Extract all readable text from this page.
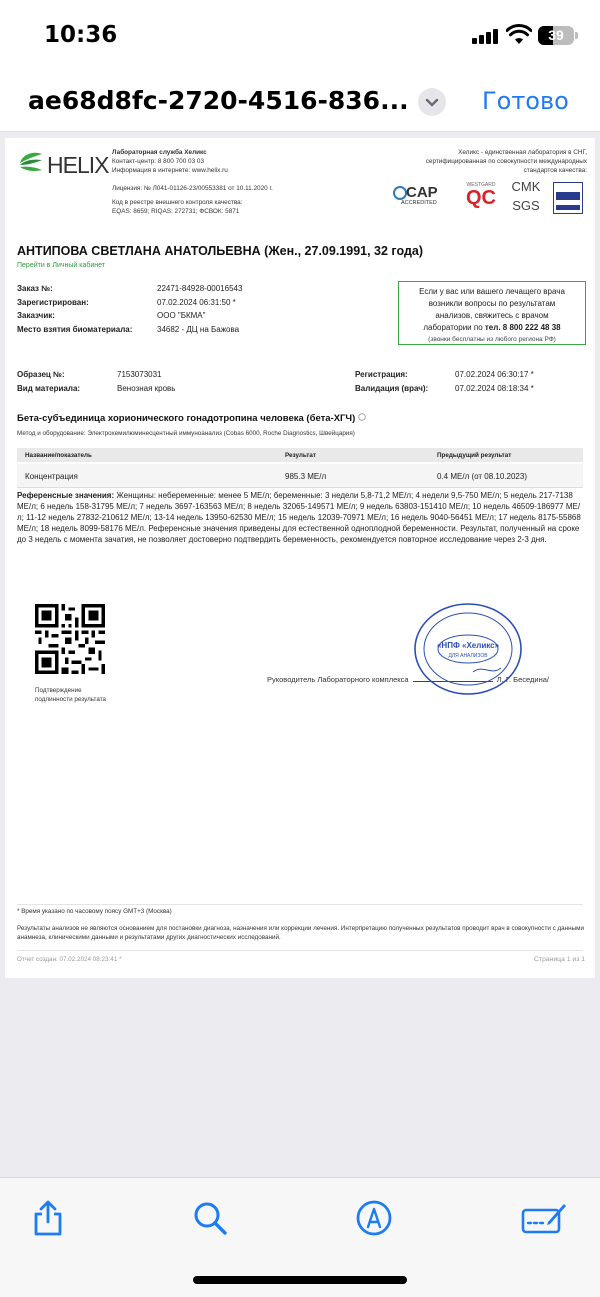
10:36	39
ae68d8fc-2720-4516-836...	Готово
HELIX Лабораторная служба Хеликс
Контакт-центр: 8 800 700 03 03
Информация в интернете: www.helix.ru
Лицензия: № Л041-01126-23/00553381 от 10.11.2020 г.
Код в реестре внешнего контроля качества:
EQAS: 8659; RIQAS: 272731; ФСВОК: 5871
Хеликс - единственная лаборатория в СНГ,
сертифицированная по совокупности международных
стандартов качества:
CAP
ACCREDITED
WESTGARD
QC
CMK

SGS
АНТИПОВА СВЕТЛАНА АНАТОЛЬЕВНА (Жен., 27.09.1991, 32 года)
Перейти в Личный кабинет
Заказ №:	22471-84928-00016543
Зарегистрирован:	07.02.2024 06:31:50 *
Заказчик:	ООО "БКМА"
Место взятия биоматериала:	34682 - ДЦ на Бажова
Если у вас или вашего лечащего врача
возникли вопросы по результатам
анализов, свяжитесь с врачом
лаборатории по тел. 8 800 222 48 38
(звонки бесплатны из любого региона РФ)
Образец №:	7153073031
Вид материала:	Венозная кровь
Регистрация:	07.02.2024 06:30:17 *
Валидация (врач):	07.02.2024 08:18:34 *
Бета-субъединица хорионического гонадотропина человека (бета-ХГЧ)
Метод и оборудование: Электрохемилюминесцентный иммуноанализ (Cobas 6000, Roche Diagnostics, Швейцария)
Название/показатель	Результат	Предыдущий результат
Концентрация	985.3 МЕ/л	0.4 МЕ/л (от 08.10.2023)
Референсные значения: Женщины: небеременные: менее 5 МЕ/л; беременные: 3 недели 5,8-71,2 МЕ/л; 4 недели 9,5-750 МЕ/л; 5 недель 217-7138 МЕ/л; 6 недель 158-31795 МЕ/л; 7 недель 3697-163563 МЕ/л; 8 недель 32065-149571 МЕ/л; 9 недель 63803-151410 МЕ/л; 10 недель 46509-186977 МЕ/л; 11-12 недель 27832-210612 МЕ/л; 13-14 недель 13950-62530 МЕ/л; 15 недель 12039-70971 МЕ/л; 16 недель 9040-56451 МЕ/л; 17 недель 8175-55868 МЕ/л; 18 недель 8099-58176 МЕ/л. Референсные значения приведены для естественной одноплодной беременности. Результат, полученный на сроке до 3 недель с момента зачатия, не позволяет достоверно подтвердить беременность, рекомендуется повторное исследование через 2-3 дня.
Подтверждение
подлинности результата
Руководитель Лабораторного комплекса	Л. Г. Беседина/
«НПФ «Хеликс»
ДЛЯ АНАЛИЗОВ
* Время указано по часовому поясу GMT+3 (Москва)
Результаты анализов не являются основанием для постановки диагноза, назначения или коррекции лечения. Интерпретацию полученных результатов проводит врач в совокупности с данными анамнеза, клиническими данными и результатами других диагностических исследований.
Отчет создан: 07.02.2024 08:23:41 *	Страница 1 из 1
